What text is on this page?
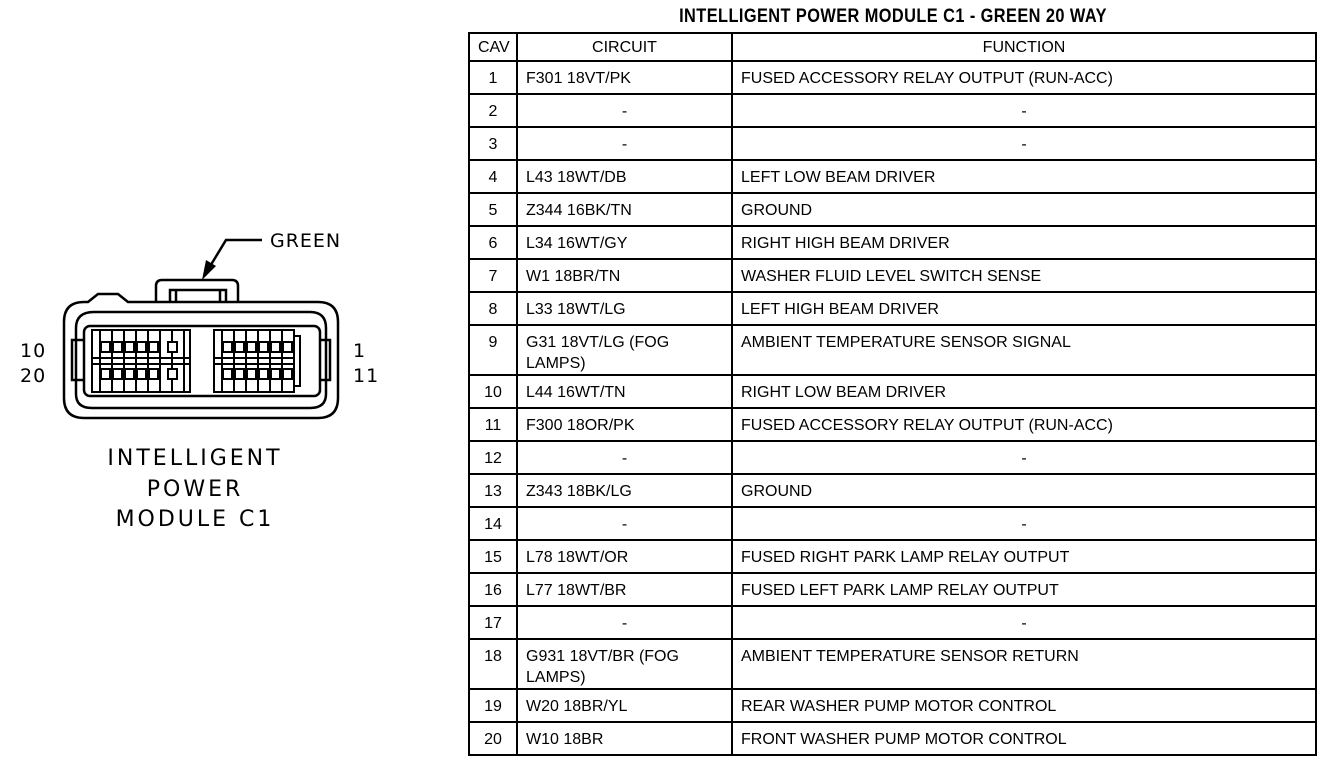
GREEN
10
20
1
11
INTELLIGENT
POWER
MODULE C1
INTELLIGENT POWER MODULE C1 - GREEN 20 WAY
CAV	CIRCUIT	FUNCTION
1	F301 18VT/PK	FUSED ACCESSORY RELAY OUTPUT (RUN-ACC)
2	-	-
3	-	-
4	L43 18WT/DB	LEFT LOW BEAM DRIVER
5	Z344 16BK/TN	GROUND
6	L34 16WT/GY	RIGHT HIGH BEAM DRIVER
7	W1 18BR/TN	WASHER FLUID LEVEL SWITCH SENSE
8	L33 18WT/LG	LEFT HIGH BEAM DRIVER
9	G31 18VT/LG (FOG LAMPS)	AMBIENT TEMPERATURE SENSOR SIGNAL
10	L44 16WT/TN	RIGHT LOW BEAM DRIVER
11	F300 18OR/PK	FUSED ACCESSORY RELAY OUTPUT (RUN-ACC)
12	-	-
13	Z343 18BK/LG	GROUND
14	-	-
15	L78 18WT/OR	FUSED RIGHT PARK LAMP RELAY OUTPUT
16	L77 18WT/BR	FUSED LEFT PARK LAMP RELAY OUTPUT
17	-	-
18	G931 18VT/BR (FOG LAMPS)	AMBIENT TEMPERATURE SENSOR RETURN
19	W20 18BR/YL	REAR WASHER PUMP MOTOR CONTROL
20	W10 18BR	FRONT WASHER PUMP MOTOR CONTROL
